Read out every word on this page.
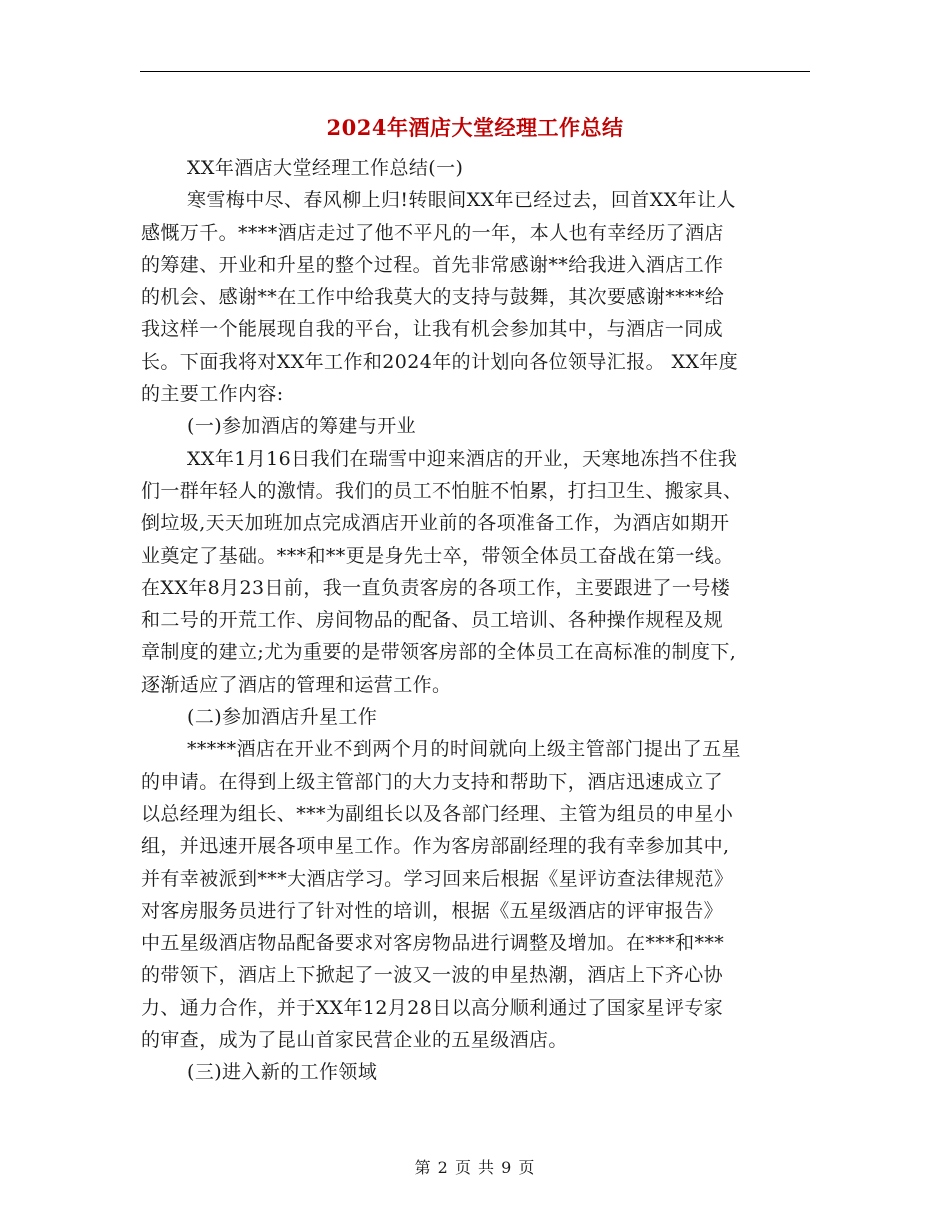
2024年酒店大堂经理工作总结
XX年酒店大堂经理工作总结(一)
寒雪梅中尽、春风柳上归!转眼间XX年已经过去，回首XX年让人
感慨万千。****酒店走过了他不平凡的一年，本人也有幸经历了酒店
的筹建、开业和升星的整个过程。首先非常感谢**给我进入酒店工作
的机会、感谢**在工作中给我莫大的支持与鼓舞，其次要感谢****给
我这样一个能展现自我的平台，让我有机会参加其中，与酒店一同成
长。下面我将对XX年工作和2024年的计划向各位领导汇报。 XX年度
的主要工作内容:
(一)参加酒店的筹建与开业
XX年1月16日我们在瑞雪中迎来酒店的开业，天寒地冻挡不住我
们一群年轻人的激情。我们的员工不怕脏不怕累，打扫卫生、搬家具、
倒垃圾,天天加班加点完成酒店开业前的各项准备工作，为酒店如期开
业奠定了基础。***和**更是身先士卒，带领全体员工奋战在第一线。
在XX年8月23日前，我一直负责客房的各项工作，主要跟进了一号楼
和二号的开荒工作、房间物品的配备、员工培训、各种操作规程及规
章制度的建立;尤为重要的是带领客房部的全体员工在高标准的制度下,
逐渐适应了酒店的管理和运营工作。
(二)参加酒店升星工作
*****酒店在开业不到两个月的时间就向上级主管部门提出了五星
的申请。在得到上级主管部门的大力支持和帮助下，酒店迅速成立了
以总经理为组长、***为副组长以及各部门经理、主管为组员的申星小
组，并迅速开展各项申星工作。作为客房部副经理的我有幸参加其中,
并有幸被派到***大酒店学习。学习回来后根据《星评访查法律规范》
对客房服务员进行了针对性的培训，根据《五星级酒店的评审报告》
中五星级酒店物品配备要求对客房物品进行调整及增加。在***和***
的带领下，酒店上下掀起了一波又一波的申星热潮，酒店上下齐心协
力、通力合作，并于XX年12月28日以高分顺利通过了国家星评专家
的审查，成为了昆山首家民营企业的五星级酒店。
(三)进入新的工作领域
第 2 页 共 9 页
